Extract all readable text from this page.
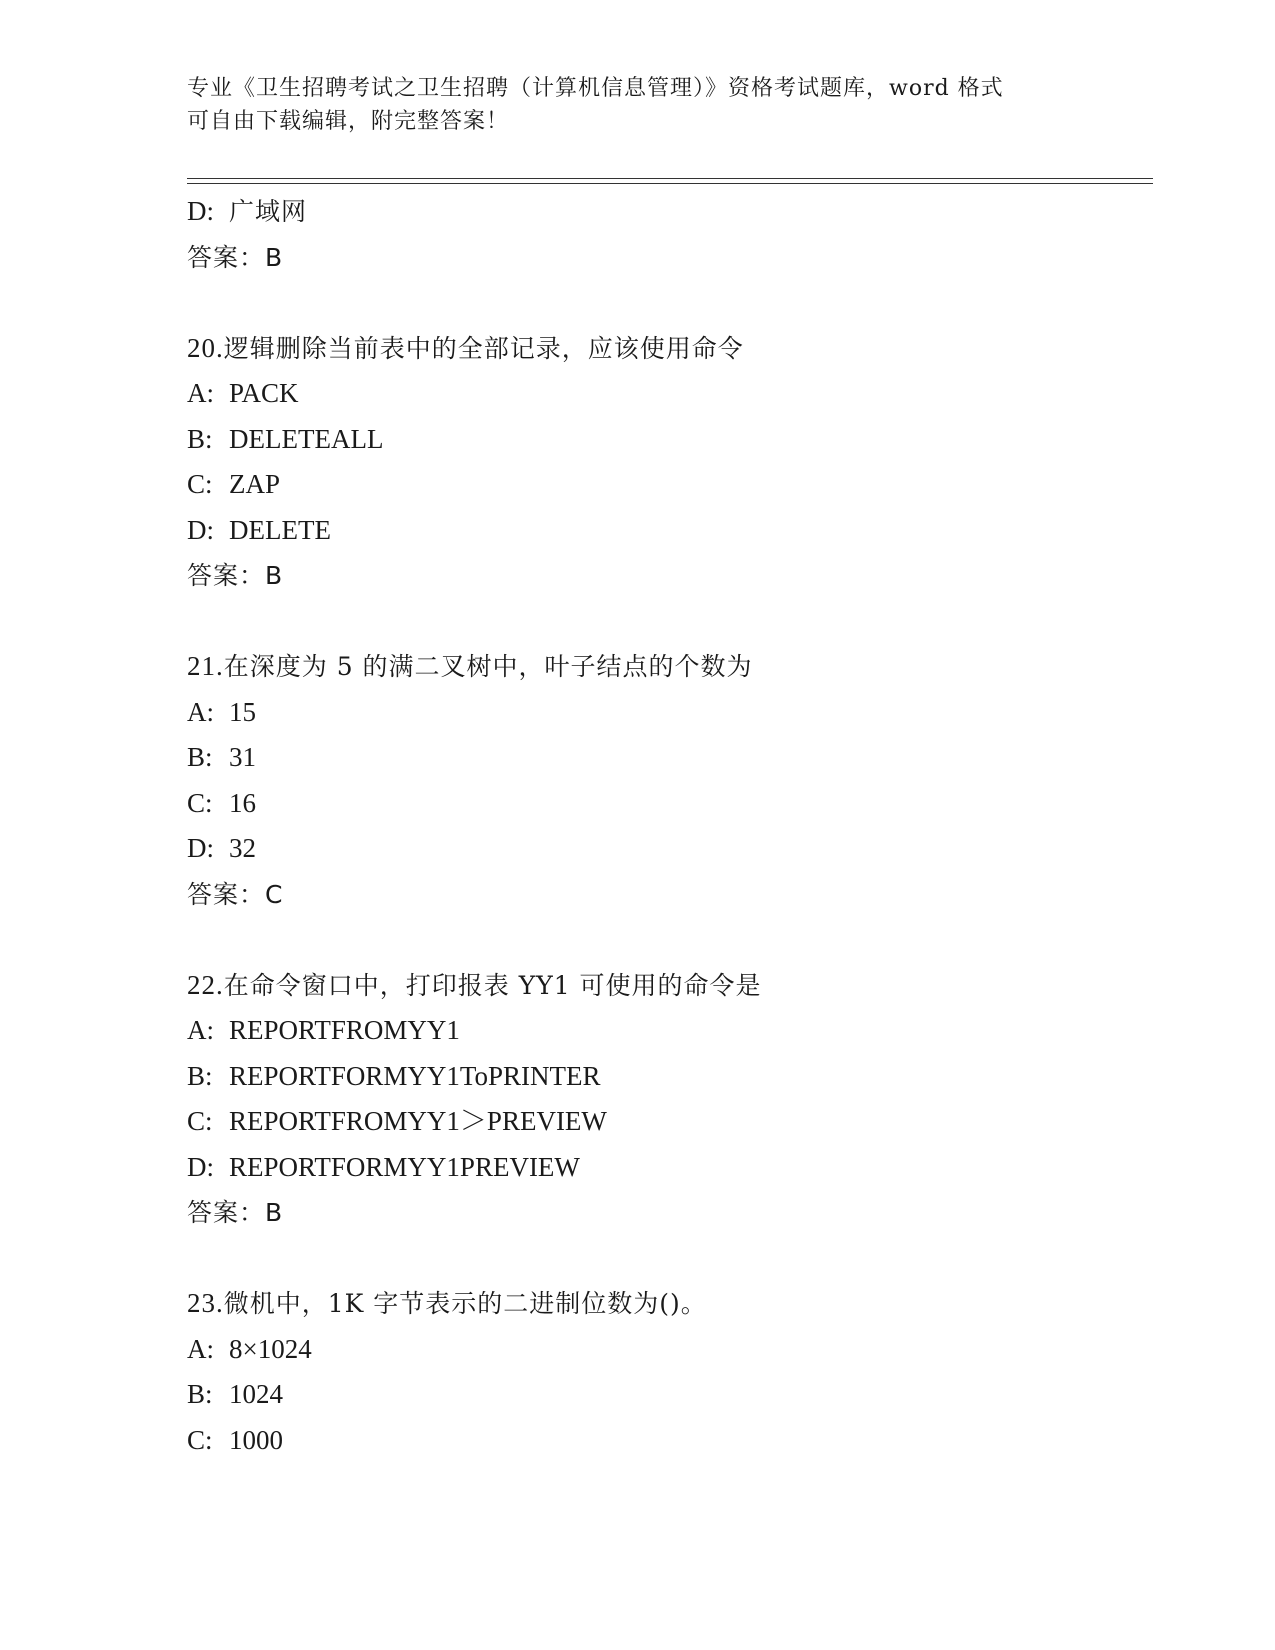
专业《卫生招聘考试之卫生招聘（计算机信息管理）》资格考试题库，word 格式
可自由下载编辑，附完整答案！
D: 广域网
答案：B
20.逻辑删除当前表中的全部记录，应该使用命令
A: PACK
B: DELETEALL
C: ZAP
D: DELETE
答案：B
21.在深度为 5 的满二叉树中，叶子结点的个数为
A: 15
B: 31
C: 16
D: 32
答案：C
22.在命令窗口中，打印报表 YY1 可使用的命令是
A: REPORTFROMYY1
B: REPORTFORMYY1ToPRINTER
C: REPORTFROMYY1＞PREVIEW
D: REPORTFORMYY1PREVIEW
答案：B
23.微机中，1K 字节表示的二进制位数为()。
A: 8×1024
B: 1024
C: 1000
